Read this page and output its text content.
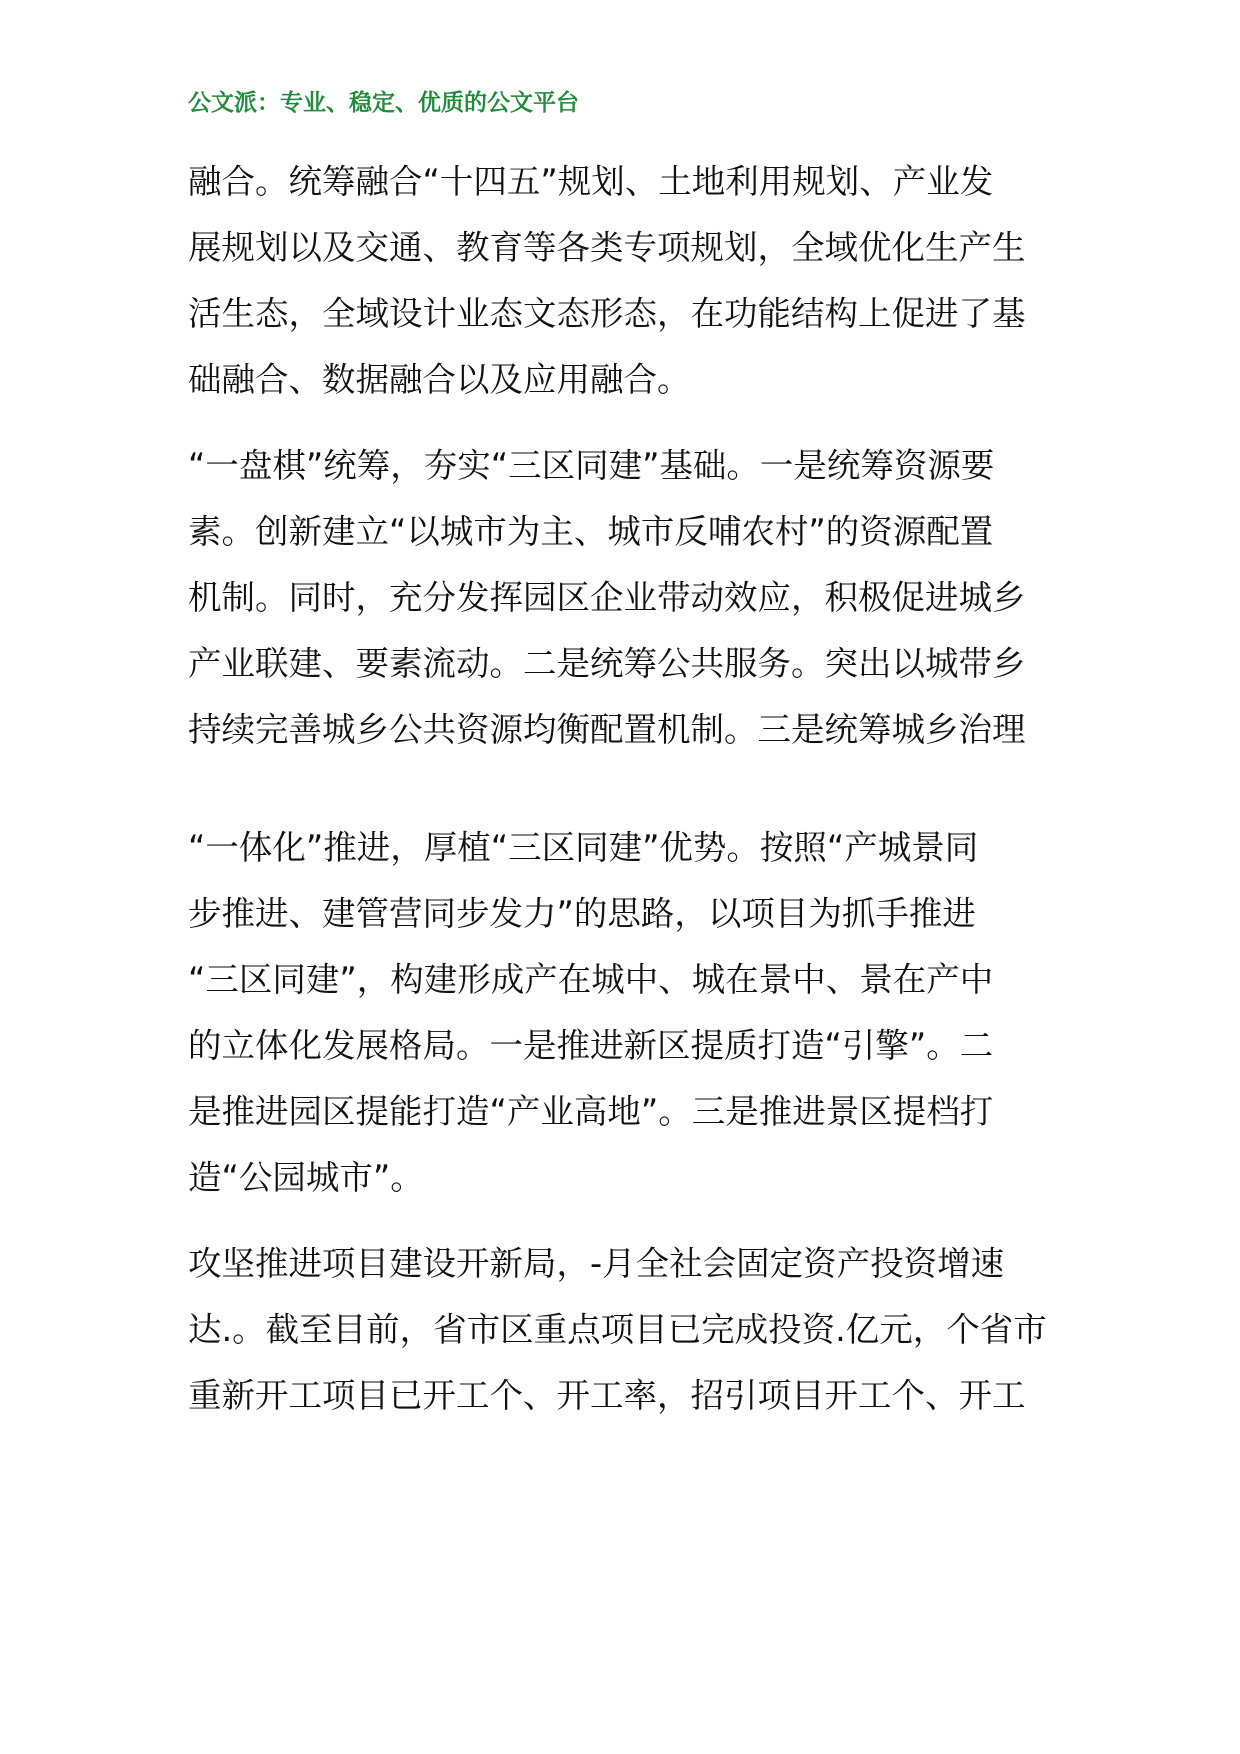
公文派：专业、稳定、优质的公文平台
融合。统筹融合“十四五”规划、土地利用规划、产业发
展规划以及交通、教育等各类专项规划，全域优化生产生
活生态，全域设计业态文态形态，在功能结构上促进了基
础融合、数据融合以及应用融合。
“一盘棋”统筹，夯实“三区同建”基础。一是统筹资源要
素。创新建立“以城市为主、城市反哺农村”的资源配置
机制。同时，充分发挥园区企业带动效应，积极促进城乡
产业联建、要素流动。二是统筹公共服务。突出以城带乡
持续完善城乡公共资源均衡配置机制。三是统筹城乡治理
“一体化”推进，厚植“三区同建”优势。按照“产城景同
步推进、建管营同步发力”的思路，以项目为抓手推进
“三区同建”，构建形成产在城中、城在景中、景在产中
的立体化发展格局。一是推进新区提质打造“引擎”。二
是推进园区提能打造“产业高地”。三是推进景区提档打
造“公园城市”。
攻坚推进项目建设开新局，-月全社会固定资产投资增速
达.。截至目前，省市区重点项目已完成投资.亿元，个省市
重新开工项目已开工个、开工率，招引项目开工个、开工
